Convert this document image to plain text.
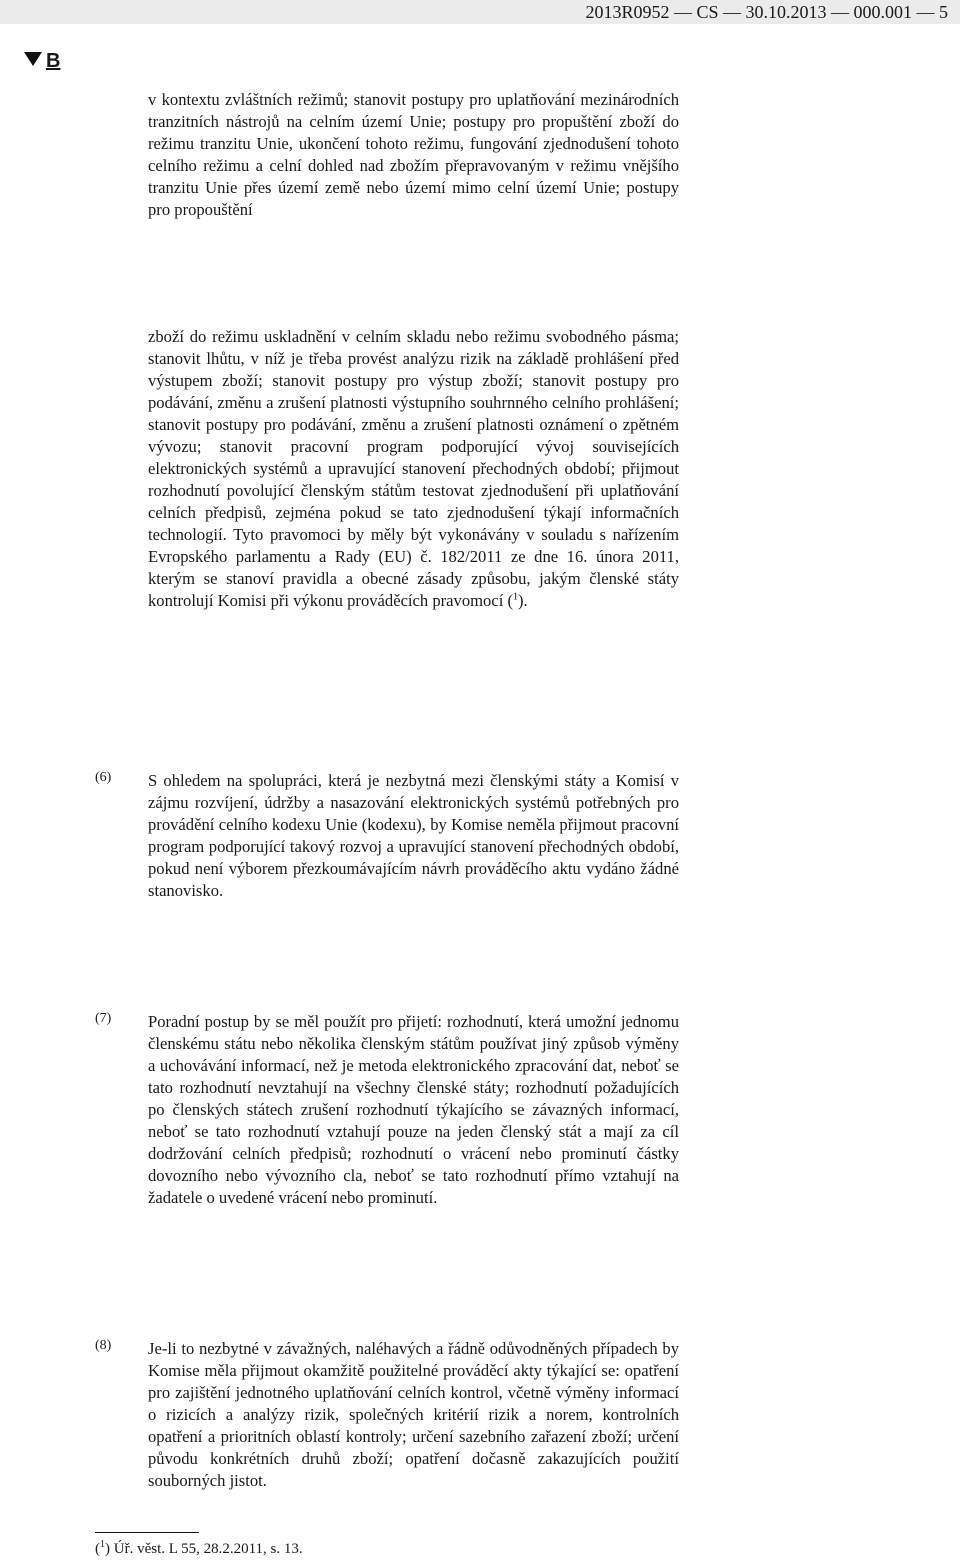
2013R0952 — CS — 30.10.2013 — 000.001 — 5
B
v kontextu zvláštních režimů; stanovit postupy pro uplatňování mezinárodních tranzitních nástrojů na celním území Unie; postupy pro propuštění zboží do režimu tranzitu Unie, ukončení tohoto režimu, fungování zjednodušení tohoto celního režimu a celní dohled nad zbožím přepravovaným v režimu vnějšího tranzitu Unie přes území země nebo území mimo celní území Unie; postupy pro propouštění
zboží do režimu uskladnění v celním skladu nebo režimu svobodného pásma; stanovit lhůtu, v níž je třeba provést analýzu rizik na základě prohlášení před výstupem zboží; stanovit postupy pro výstup zboží; stanovit postupy pro podávání, změnu a zrušení platnosti výstupního souhrnného celního prohlášení; stanovit postupy pro podávání, změnu a zrušení platnosti oznámení o zpětném vývozu; stanovit pracovní program podporující vývoj souvisejících elektronických systémů a upravující stanovení přechodných období; přijmout rozhodnutí povolující členským státům testovat zjednodušení při uplatňování celních předpisů, zejména pokud se tato zjednodušení týkají informačních technologií. Tyto pravomoci by měly být vykonávány v souladu s nařízením Evropského parlamentu a Rady (EU) č. 182/2011 ze dne 16. února 2011, kterým se stanoví pravidla a obecné zásady způsobu, jakým členské státy kontrolují Komisi při výkonu prováděcích pravomocí ($^1$).
(6) S ohledem na spolupráci, která je nezbytná mezi členskými státy a Komisí v zájmu rozvíjení, údržby a nasazování elektronických systémů potřebných pro provádění celního kodexu Unie (kodexu), by Komise neměla přijmout pracovní program podporující takový rozvoj a upravující stanovení přechodných období, pokud není výborem přezkoumávajícím návrh prováděcího aktu vydáno žádné stanovisko.
(7) Poradní postup by se měl použít pro přijetí: rozhodnutí, která umožní jednomu členskému státu nebo několika členským státům používat jiný způsob výměny a uchovávání informací, než je metoda elektronického zpracování dat, neboť se tato rozhodnutí nevztahují na všechny členské státy; rozhodnutí požadujících po členských státech zrušení rozhodnutí týkajícího se závazných informací, neboť se tato rozhodnutí vztahují pouze na jeden členský stát a mají za cíl dodržování celních předpisů; rozhodnutí o vrácení nebo prominutí částky dovozního nebo vývozního cla, neboť se tato rozhodnutí přímo vztahují na žadatele o uvedené vrácení nebo prominutí.
(8) Je-li to nezbytné v závažných, naléhavých a řádně odůvodněných případech by Komise měla přijmout okamžitě použitelné prováděcí akty týkající se: opatření pro zajištění jednotného uplatňování celních kontrol, včetně výměny informací o rizicích a analýzy rizik, společných kritérií rizik a norem, kontrolních opatření a prioritních oblastí kontroly; určení sazebního zařazení zboží; určení původu konkrétních druhů zboží; opatření dočasně zakazujících použití souborných jistot.
($^1$) Úř. věst. L 55, 28.2.2011, s. 13.
